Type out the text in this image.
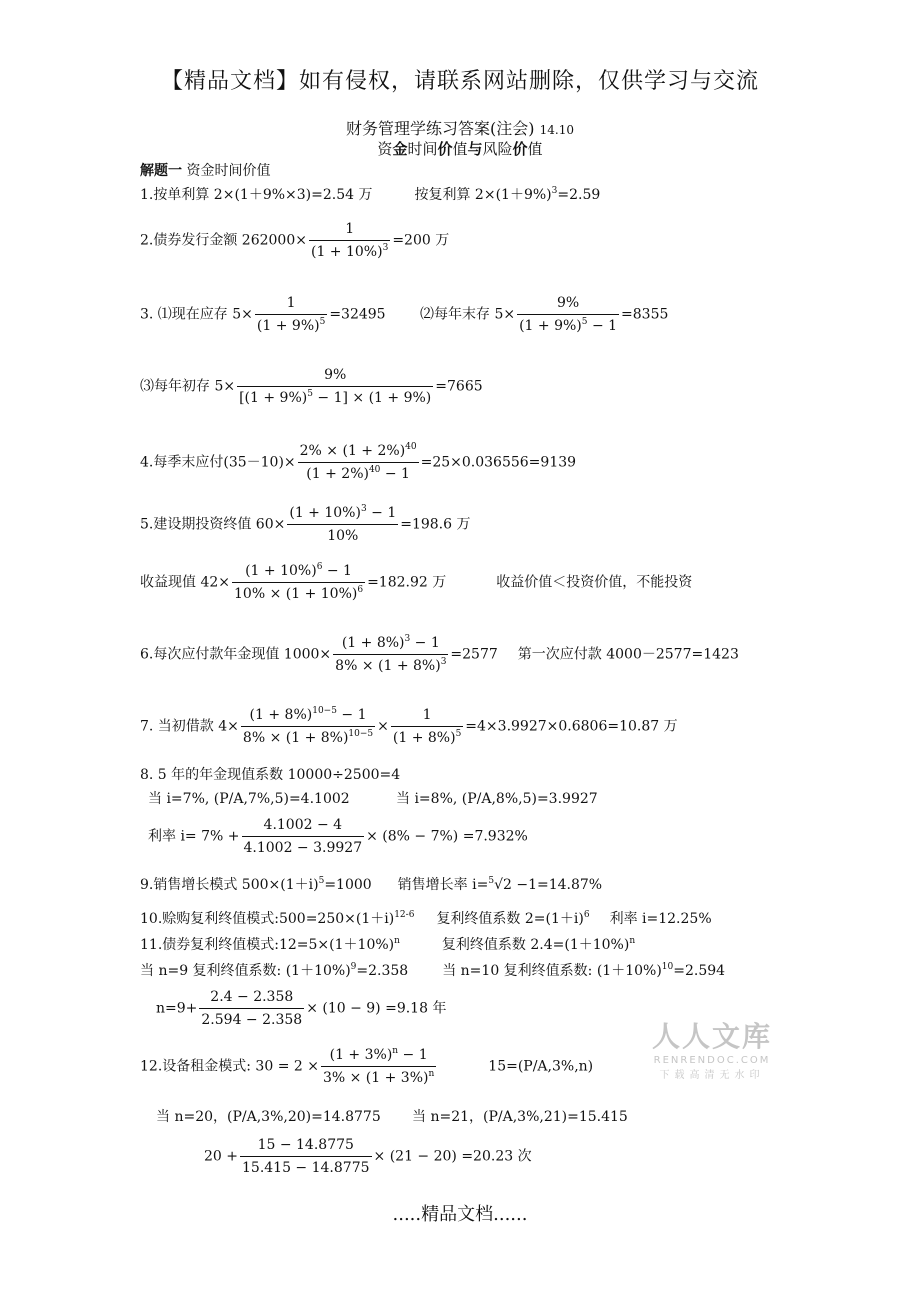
【精品文档】如有侵权，请联系网站删除，仅供学习与交流
财务管理学练习答案(注会) 14.10
资金时间价值与风险价值
解题一 资金时间价值
1.按单利算 2×(1＋9%×3)=2.54 万	按复利算 $2\times(1+9\%)^3=2.59$
2.债券发行金额 $262000\times \frac{1}{(1 + 10\%)^3} =200$ 万
3. ⑴现在应存 $5\times \frac{1}{(1 + 9\%)^5} =32495$ ⑵每年末存 $5\times \frac{9\%}{(1 + 9\%)^5 - 1} =8355$
⑶每年初存 $5\times \frac{9\%}{[(1 + 9\%)^5 - 1] \times (1 + 9\%)} =7665$
4.每季末应付$(35-10)\times \frac{2\% \times (1 + 2\%)^{40}}{(1 + 2\%)^{40} - 1} =25\times 0.036556=9139$
5.建设期投资终值 $60\times \frac{(1 + 10\%)^3 - 1}{10\%} =198.6$ 万
收益现值 $42\times \frac{(1 + 10\%)^6 - 1}{10\% \times (1 + 10\%)^6} =182.92$ 万	收益价值＜投资价值，不能投资
6.每次应付款年金现值 $1000\times \frac{(1 + 8\%)^3 - 1}{8\% \times (1 + 8\%)^3} =2577$ 第一次应付款 4000－2577=1423
7. 当初借款 $4\times \frac{(1 + 8\%)^{10-5} - 1}{8\% \times (1 + 8\%)^{10-5}} \times \frac{1}{(1 + 8\%)^5} =4\times 3.9927\times 0.6806=10.87$ 万
8. 5 年的年金现值系数 10000÷2500=4
当 i=7%, (P/A,7%,5)=4.1002	当 i=8%, (P/A,8%,5)=3.9927
利率 $i= 7\% + \frac{4.1002 - 4}{4.1002 - 3.9927} \times (8\% - 7\%) =7.932\%$
9.销售增长模式 $500\times(1+i)^5=1000$ 销售增长率 i=$^5$√2 −1=14.87%
10.赊购复利终值模式$:500=250\times(1+i)^{12-6}$ 复利终值系数 $2=(1+i)^6$ 利率 i=12.25%
11.债券复利终值模式$:12=5\times(1+10\%)^n$	复利终值系数 $2.4=(1+10\%)^n$
当 n=9 复利终值系数: $(1+10\%)^9=2.358$ 当 n=10 复利终值系数: $(1+10\%)^{10}=2.594$
$n=9+ \frac{2.4 - 2.358}{2.594 - 2.358} \times (10 - 9) =9.18$ 年
12.设备租金模式: $30 = 2 \times \frac{(1 + 3\%)^n - 1}{3\% \times (1 + 3\%)^n}$	15=(P/A,3%,n)
当 n=20，(P/A,3%,20)=14.8775 当 n=21，(P/A,3%,21)=15.415
$20 + \frac{15 - 14.8775}{15.415 - 14.8775} \times (21 - 20) =20.23$ 次
人人文库
RENRENDOC.COM
下载高清无水印
.....精品文档......
